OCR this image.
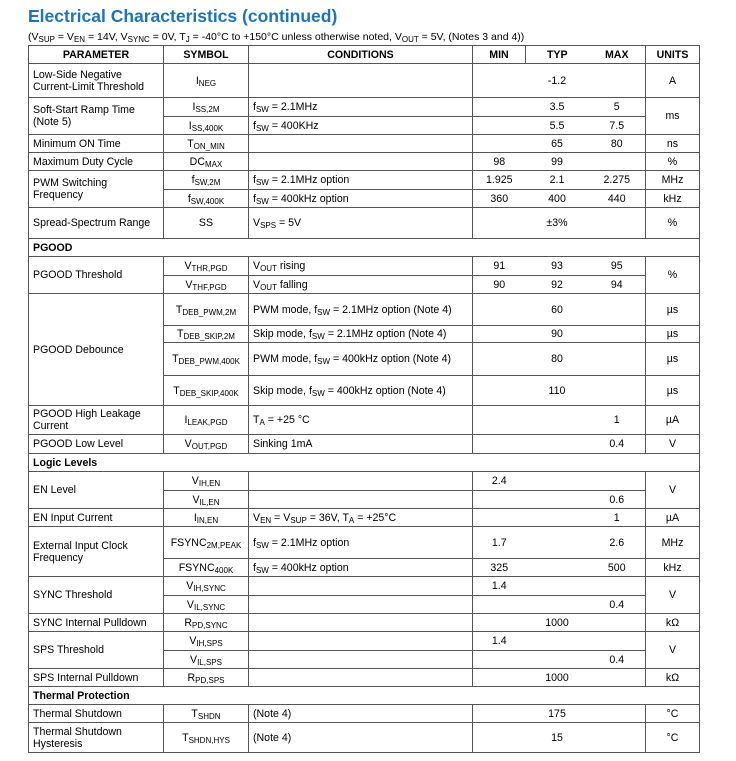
Electrical Characteristics (continued)
($V_{SUP} = V_{EN} = 14V$, $V_{SYNC} = 0V$, $T_J = -40^\circ C$ to +150°C unless otherwise noted, $V_{OUT} = 5V$, (Notes 3 and 4))
PARAMETER	SYMBOL	CONDITIONS	MIN	TYP	MAX	UNITS
Low-Side Negative Current-Limit Threshold	$I_{NEG}$			-1.2		A
Soft-Start Ramp Time (Note 5)	$I_{SS,2M}$	$f_{SW} = 2.1MHz$		3.5	5	ms
	$I_{SS,400K}$	$f_{SW} = 400KHz$		5.5	7.5	
Minimum ON Time	$T_{ON\_MIN}$			65	80	ns
Maximum Duty Cycle	$DC_{MAX}$		98	99		%
PWM Switching Frequency	$f_{SW,2M}$	$f_{SW} = 2.1MHz$ option	1.925	2.1	2.275	MHz
	$f_{SW,400K}$	$f_{SW} = 400kHz$ option	360	400	440	kHz
Spread-Spectrum Range	SS	$V_{SPS} = 5V$		±3%		%
PGOOD						
PGOOD Threshold	$V_{THR,PGD}$	$V_{OUT}$ rising	91	93	95	%
	$V_{THF,PGD}$	$V_{OUT}$ falling	90	92	94	
PGOOD Debounce	$T_{DEB\_PWM,2M}$	PWM mode, $f_{SW} = 2.1MHz$ option (Note 4)		60		µs
	$T_{DEB\_SKIP,2M}$	Skip mode, $f_{SW} = 2.1MHz$ option (Note 4)		90		µs
	$T_{DEB\_PWM,400K}$	PWM mode, $f_{SW} = 400kHz$ option (Note 4)		80		µs
	$T_{DEB\_SKIP,400K}$	Skip mode, $f_{SW} = 400kHz$ option (Note 4)		110		µs
PGOOD High Leakage Current	$I_{LEAK,PGD}$	$T_A = +25$ °C			1	µA
PGOOD Low Level	$V_{OUT,PGD}$	Sinking 1mA			0.4	V
Logic Levels						
EN Level	$V_{IH,EN}$		2.4			V
	$V_{IL,EN}$				0.6	
EN Input Current	$I_{IN,EN}$	$V_{EN} = V_{SUP} = 36V$, $T_A = +25^\circ C$			1	µA
External Input Clock Frequency	$FSYNC_{2M,PEAK}$	$f_{SW} = 2.1MHz$ option	1.7		2.6	MHz
	$FSYNC_{400K}$	$f_{SW} = 400kHz$ option	325		500	kHz
SYNC Threshold	$V_{IH,SYNC}$		1.4			V
	$V_{IL,SYNC}$				0.4	
SYNC Internal Pulldown	$R_{PD,SYNC}$			1000		kΩ
SPS Threshold	$V_{IH,SPS}$		1.4			V
	$V_{IL,SPS}$				0.4	
SPS Internal Pulldown	$R_{PD,SPS}$			1000		kΩ
Thermal Protection						
Thermal Shutdown	$T_{SHDN}$	(Note 4)		175		°C
Thermal Shutdown Hysteresis	$T_{SHDN,HYS}$	(Note 4)		15		°C
